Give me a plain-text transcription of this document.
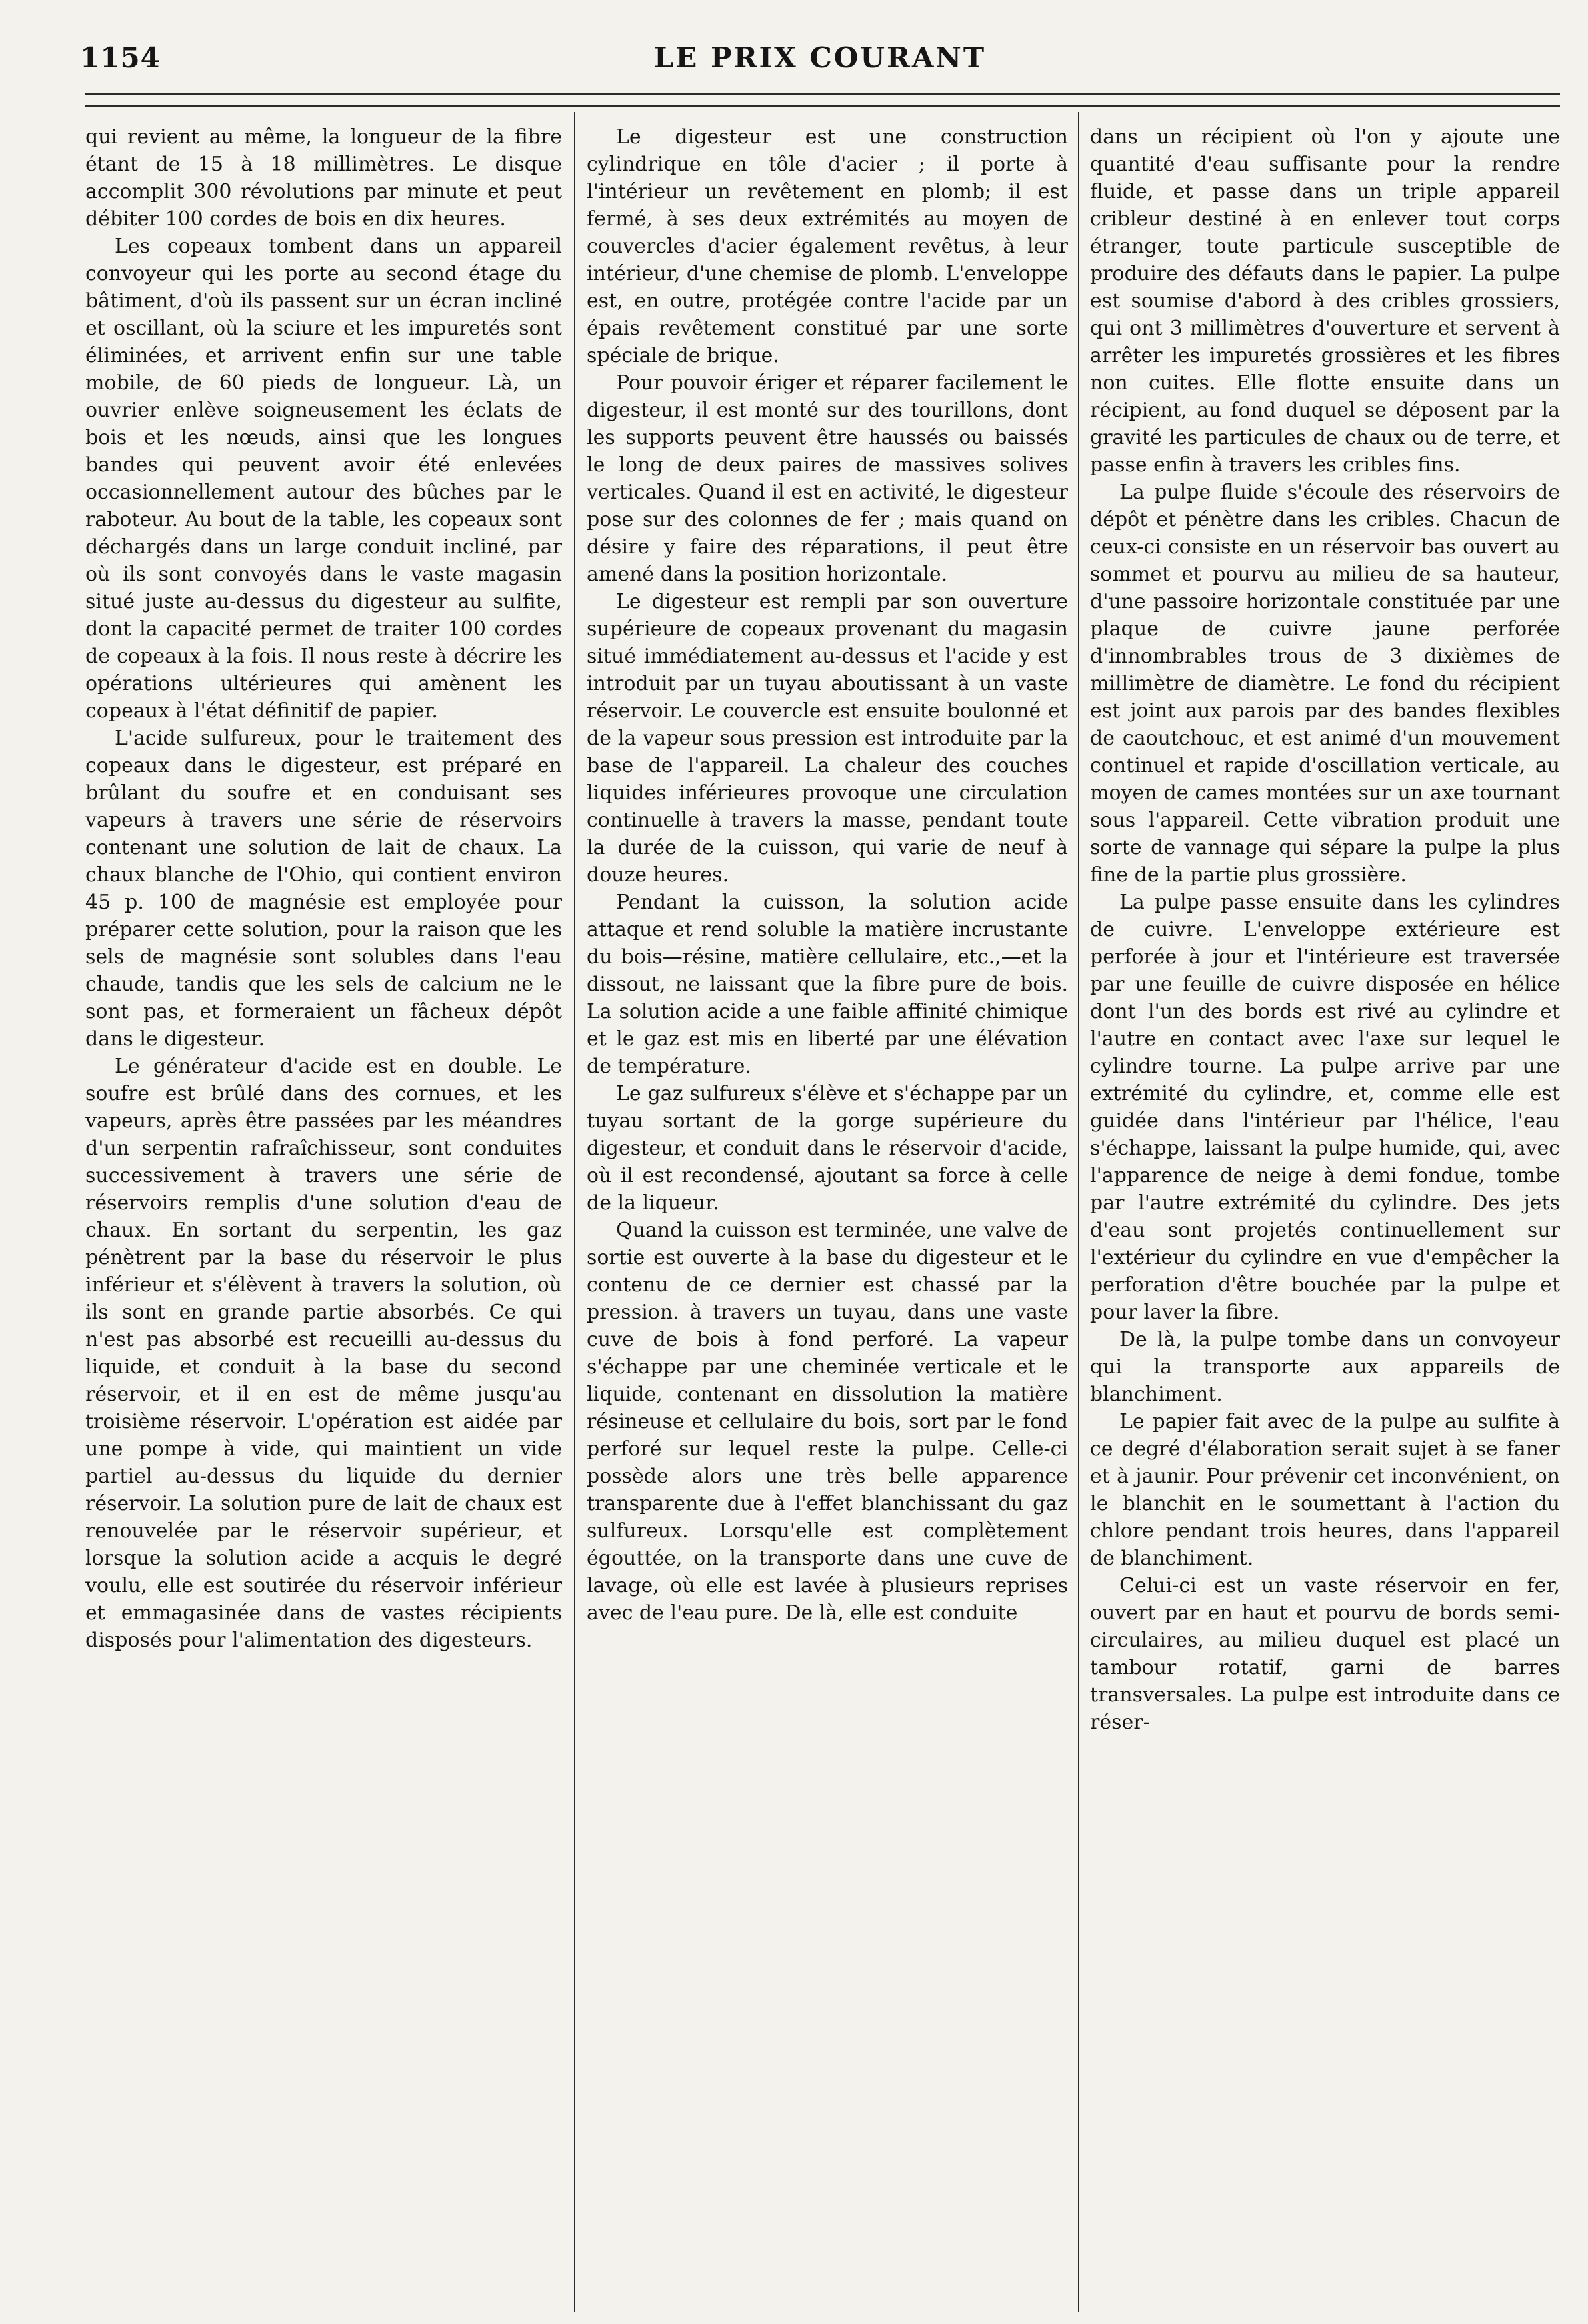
1154	LE PRIX COURANT

qui revient au même, la longueur de la fibre étant de 15 à 18 millimètres. Le disque accomplit 300 révolutions par minute et peut débiter 100 cordes de bois en dix heures.

Les copeaux tombent dans un appareil convoyeur qui les porte au second étage du bâtiment, d'où ils passent sur un écran incliné et oscillant, où la sciure et les impuretés sont éliminées, et arrivent enfin sur une table mobile, de 60 pieds de longueur. Là, un ouvrier enlève soigneusement les éclats de bois et les nœuds, ainsi que les longues bandes qui peuvent avoir été enlevées occasionnellement autour des bûches par le raboteur. Au bout de la table, les copeaux sont déchargés dans un large conduit incliné, par où ils sont convoyés dans le vaste magasin situé juste au-dessus du digesteur au sulfite, dont la capacité permet de traiter 100 cordes de copeaux à la fois. Il nous reste à décrire les opérations ultérieures qui amènent les copeaux à l'état définitif de papier.

L'acide sulfureux, pour le traitement des copeaux dans le digesteur, est préparé en brûlant du soufre et en conduisant ses vapeurs à travers une série de réservoirs contenant une solution de lait de chaux. La chaux blanche de l'Ohio, qui contient environ 45 p. 100 de magnésie est employée pour préparer cette solution, pour la raison que les sels de magnésie sont solubles dans l'eau chaude, tandis que les sels de calcium ne le sont pas, et formeraient un fâcheux dépôt dans le digesteur.

Le générateur d'acide est en double. Le soufre est brûlé dans des cornues, et les vapeurs, après être passées par les méandres d'un serpentin rafraîchisseur, sont conduites successivement à travers une série de réservoirs remplis d'une solution d'eau de chaux. En sortant du serpentin, les gaz pénètrent par la base du réservoir le plus inférieur et s'élèvent à travers la solution, où ils sont en grande partie absorbés. Ce qui n'est pas absorbé est recueilli au-dessus du liquide, et conduit à la base du second réservoir, et il en est de même jusqu'au troisième réservoir. L'opération est aidée par une pompe à vide, qui maintient un vide partiel au-dessus du liquide du dernier réservoir. La solution pure de lait de chaux est renouvelée par le réservoir supérieur, et lorsque la solution acide a acquis le degré voulu, elle est soutirée du réservoir inférieur et emmagasinée dans de vastes récipients disposés pour l'alimentation des digesteurs.

Le digesteur est une construction cylindrique en tôle d'acier ; il porte à l'intérieur un revêtement en plomb; il est fermé, à ses deux extrémités au moyen de couvercles d'acier également revêtus, à leur intérieur, d'une chemise de plomb. L'enveloppe est, en outre, protégée contre l'acide par un épais revêtement constitué par une sorte spéciale de brique.

Pour pouvoir ériger et réparer facilement le digesteur, il est monté sur des tourillons, dont les supports peuvent être haussés ou baissés le long de deux paires de massives solives verticales. Quand il est en activité, le digesteur pose sur des colonnes de fer ; mais quand on désire y faire des réparations, il peut être amené dans la position horizontale.

Le digesteur est rempli par son ouverture supérieure de copeaux provenant du magasin situé immédiatement au-dessus et l'acide y est introduit par un tuyau aboutissant à un vaste réservoir. Le couvercle est ensuite boulonné et de la vapeur sous pression est introduite par la base de l'appareil. La chaleur des couches liquides inférieures provoque une circulation continuelle à travers la masse, pendant toute la durée de la cuisson, qui varie de neuf à douze heures.

Pendant la cuisson, la solution acide attaque et rend soluble la matière incrustante du bois—résine, matière cellulaire, etc.,—et la dissout, ne laissant que la fibre pure de bois. La solution acide a une faible affinité chimique et le gaz est mis en liberté par une élévation de température.

Le gaz sulfureux s'élève et s'échappe par un tuyau sortant de la gorge supérieure du digesteur, et conduit dans le réservoir d'acide, où il est recondensé, ajoutant sa force à celle de la liqueur.

Quand la cuisson est terminée, une valve de sortie est ouverte à la base du digesteur et le contenu de ce dernier est chassé par la pression. à travers un tuyau, dans une vaste cuve de bois à fond perforé. La vapeur s'échappe par une cheminée verticale et le liquide, contenant en dissolution la matière résineuse et cellulaire du bois, sort par le fond perforé sur lequel reste la pulpe. Celle-ci possède alors une très belle apparence transparente due à l'effet blanchissant du gaz sulfureux. Lorsqu'elle est complètement égouttée, on la transporte dans une cuve de lavage, où elle est lavée à plusieurs reprises avec de l'eau pure. De là, elle est conduite

dans un récipient où l'on y ajoute une quantité d'eau suffisante pour la rendre fluide, et passe dans un triple appareil cribleur destiné à en enlever tout corps étranger, toute particule susceptible de produire des défauts dans le papier. La pulpe est soumise d'abord à des cribles grossiers, qui ont 3 millimètres d'ouverture et servent à arrêter les impuretés grossières et les fibres non cuites. Elle flotte ensuite dans un récipient, au fond duquel se déposent par la gravité les particules de chaux ou de terre, et passe enfin à travers les cribles fins.

La pulpe fluide s'écoule des réservoirs de dépôt et pénètre dans les cribles. Chacun de ceux-ci consiste en un réservoir bas ouvert au sommet et pourvu au milieu de sa hauteur, d'une passoire horizontale constituée par une plaque de cuivre jaune perforée d'innombrables trous de 3 dixièmes de millimètre de diamètre. Le fond du récipient est joint aux parois par des bandes flexibles de caoutchouc, et est animé d'un mouvement continuel et rapide d'oscillation verticale, au moyen de cames montées sur un axe tournant sous l'appareil. Cette vibration produit une sorte de vannage qui sépare la pulpe la plus fine de la partie plus grossière.

La pulpe passe ensuite dans les cylindres de cuivre. L'enveloppe extérieure est perforée à jour et l'intérieure est traversée par une feuille de cuivre disposée en hélice dont l'un des bords est rivé au cylindre et l'autre en contact avec l'axe sur lequel le cylindre tourne. La pulpe arrive par une extrémité du cylindre, et, comme elle est guidée dans l'intérieur par l'hélice, l'eau s'échappe, laissant la pulpe humide, qui, avec l'apparence de neige à demi fondue, tombe par l'autre extrémité du cylindre. Des jets d'eau sont projetés continuellement sur l'extérieur du cylindre en vue d'empêcher la perforation d'être bouchée par la pulpe et pour laver la fibre.

De là, la pulpe tombe dans un convoyeur qui la transporte aux appareils de blanchiment.

Le papier fait avec de la pulpe au sulfite à ce degré d'élaboration serait sujet à se faner et à jaunir. Pour prévenir cet inconvénient, on le blanchit en le soumettant à l'action du chlore pendant trois heures, dans l'appareil de blanchiment.

Celui-ci est un vaste réservoir en fer, ouvert par en haut et pourvu de bords semi-circulaires, au milieu duquel est placé un tambour rotatif, garni de barres transversales. La pulpe est introduite dans ce réser-
